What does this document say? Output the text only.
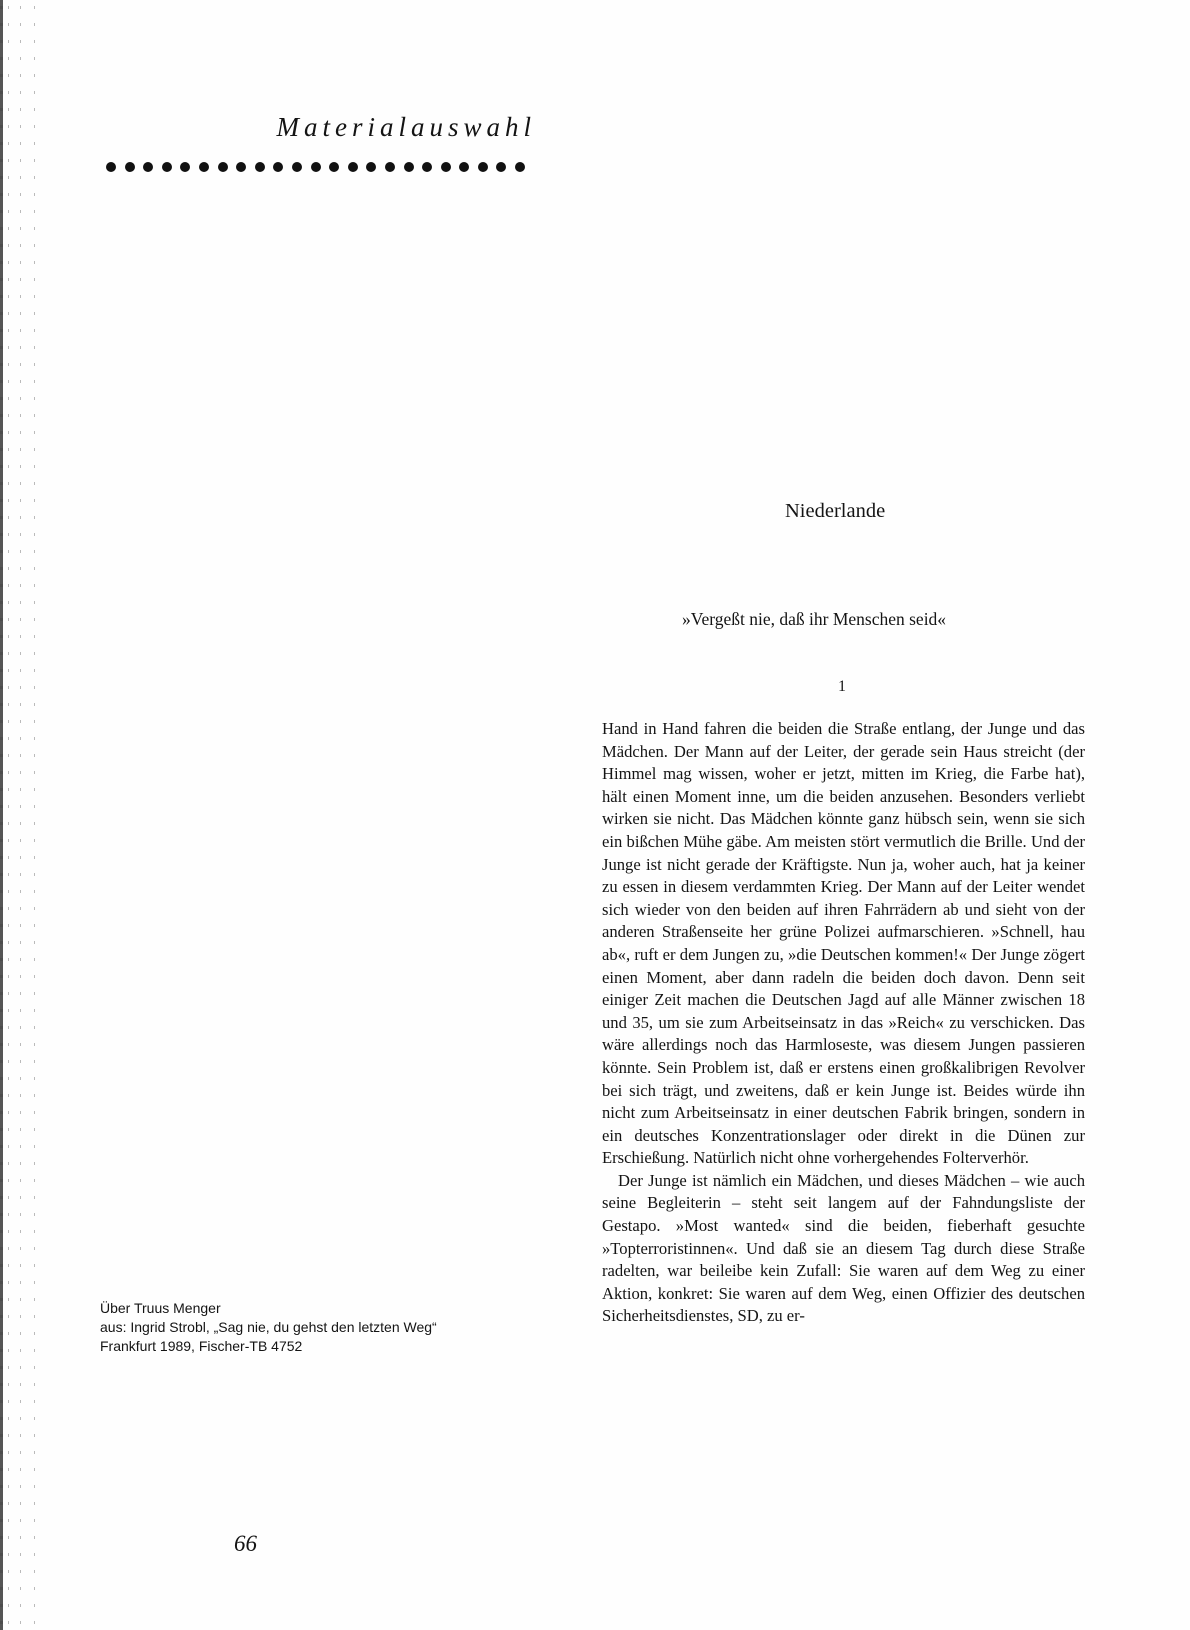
Materialauswahl
Niederlande
»Vergeßt nie, daß ihr Menschen seid«
1

Hand in Hand fahren die beiden die Straße entlang, der Junge und das Mädchen. Der Mann auf der Leiter, der gerade sein Haus streicht (der Himmel mag wissen, woher er jetzt, mitten im Krieg, die Farbe hat), hält einen Moment inne, um die beiden anzusehen. Besonders verliebt wirken sie nicht. Das Mädchen könnte ganz hübsch sein, wenn sie sich ein bißchen Mühe gäbe. Am meisten stört vermutlich die Brille. Und der Junge ist nicht gerade der Kräftigste. Nun ja, woher auch, hat ja keiner zu essen in diesem verdammten Krieg. Der Mann auf der Leiter wendet sich wieder von den beiden auf ihren Fahrrädern ab und sieht von der anderen Straßenseite her grüne Polizei aufmarschieren. »Schnell, hau ab«, ruft er dem Jungen zu, »die Deutschen kommen!« Der Junge zögert einen Moment, aber dann radeln die beiden doch davon. Denn seit einiger Zeit machen die Deutschen Jagd auf alle Männer zwischen 18 und 35, um sie zum Arbeitseinsatz in das »Reich« zu verschicken. Das wäre allerdings noch das Harmloseste, was diesem Jungen passieren könnte. Sein Problem ist, daß er erstens einen großkalibrigen Revolver bei sich trägt, und zweitens, daß er kein Junge ist. Beides würde ihn nicht zum Arbeitseinsatz in einer deutschen Fabrik bringen, sondern in ein deutsches Konzentrationslager oder direkt in die Dünen zur Erschießung. Natürlich nicht ohne vorhergehendes Folterverhör.

Der Junge ist nämlich ein Mädchen, und dieses Mädchen – wie auch seine Begleiterin – steht seit langem auf der Fahndungsliste der Gestapo. »Most wanted« sind die beiden, fieberhaft gesuchte »Topterroristinnen«. Und daß sie an diesem Tag durch diese Straße radelten, war beileibe kein Zufall: Sie waren auf dem Weg zu einer Aktion, konkret: Sie waren auf dem Weg, einen Offizier des deutschen Sicherheitsdienstes, SD, zu er-

Über Truus Menger
aus: Ingrid Strobl, „Sag nie, du gehst den letzten Weg“
Frankfurt 1989, Fischer-TB 4752
66
